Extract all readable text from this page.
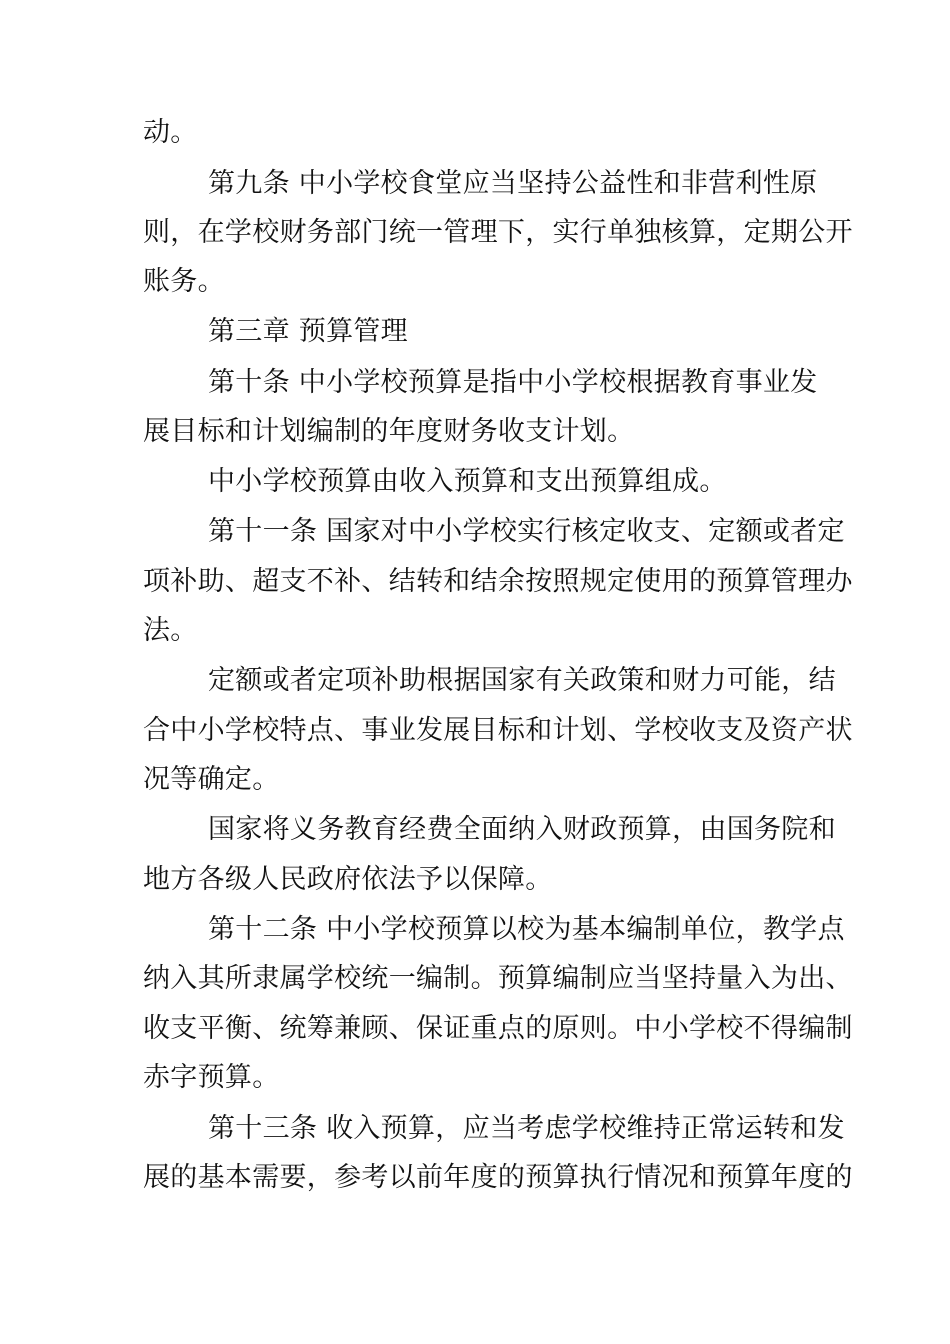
动。
第九条 中小学校食堂应当坚持公益性和非营利性原
则，在学校财务部门统一管理下，实行单独核算，定期公开
账务。
第三章 预算管理
第十条 中小学校预算是指中小学校根据教育事业发
展目标和计划编制的年度财务收支计划。
中小学校预算由收入预算和支出预算组成。
第十一条 国家对中小学校实行核定收支、定额或者定
项补助、超支不补、结转和结余按照规定使用的预算管理办
法。
定额或者定项补助根据国家有关政策和财力可能，结
合中小学校特点、事业发展目标和计划、学校收支及资产状
况等确定。
国家将义务教育经费全面纳入财政预算，由国务院和
地方各级人民政府依法予以保障。
第十二条 中小学校预算以校为基本编制单位，教学点
纳入其所隶属学校统一编制。预算编制应当坚持量入为出、
收支平衡、统筹兼顾、保证重点的原则。中小学校不得编制
赤字预算。
第十三条 收入预算，应当考虑学校维持正常运转和发
展的基本需要，参考以前年度的预算执行情况和预算年度的
